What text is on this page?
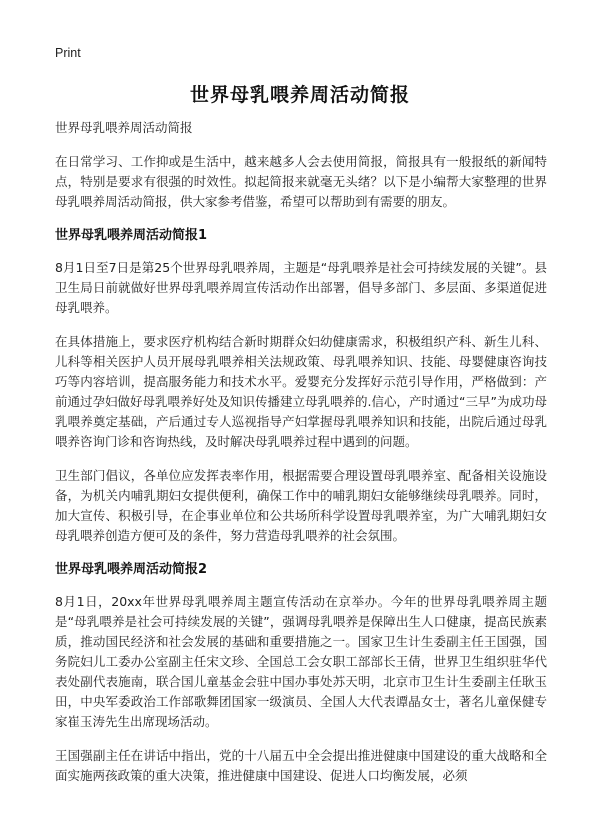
Print
世界母乳喂养周活动简报

世界母乳喂养周活动简报

在日常学习、工作抑或是生活中，越来越多人会去使用简报，简报具有一般报纸的新闻特点，特别是要求有很强的时效性。拟起简报来就毫无头绪？以下是小编帮大家整理的世界母乳喂养周活动简报，供大家参考借鉴，希望可以帮助到有需要的朋友。

世界母乳喂养周活动简报1

8月1日至7日是第25个世界母乳喂养周，主题是“母乳喂养是社会可持续发展的关键”。县卫生局日前就做好世界母乳喂养周宣传活动作出部署，倡导多部门、多层面、多渠道促进母乳喂养。

在具体措施上，要求医疗机构结合新时期群众妇幼健康需求，积极组织产科、新生儿科、儿科等相关医护人员开展母乳喂养相关法规政策、母乳喂养知识、技能、母婴健康咨询技巧等内容培训，提高服务能力和技术水平。爱婴充分发挥好示范引导作用，严格做到：产前通过孕妇做好母乳喂养好处及知识传播建立母乳喂养的.信心，产时通过“三早”为成功母乳喂养奠定基础，产后通过专人巡视指导产妇掌握母乳喂养知识和技能，出院后通过母乳喂养咨询门诊和咨询热线，及时解决母乳喂养过程中遇到的问题。

卫生部门倡议，各单位应发挥表率作用，根据需要合理设置母乳喂养室、配备相关设施设备，为机关内哺乳期妇女提供便利，确保工作中的哺乳期妇女能够继续母乳喂养。同时，加大宣传、积极引导，在企事业单位和公共场所科学设置母乳喂养室，为广大哺乳期妇女母乳喂养创造方便可及的条件，努力营造母乳喂养的社会氛围。

世界母乳喂养周活动简报2

8月1日，20xx年世界母乳喂养周主题宣传活动在京举办。今年的世界母乳喂养周主题是“母乳喂养是社会可持续发展的关键”，强调母乳喂养是保障出生人口健康，提高民族素质，推动国民经济和社会发展的基础和重要措施之一。国家卫生计生委副主任王国强，国务院妇儿工委办公室副主任宋文珍、全国总工会女职工部部长王倩，世界卫生组织驻华代表处副代表施南，联合国儿童基金会驻中国办事处苏天明，北京市卫生计生委副主任耿玉田，中央军委政治工作部歌舞团国家一级演员、全国人大代表谭晶女士，著名儿童保健专家崔玉涛先生出席现场活动。

王国强副主任在讲话中指出，党的十八届五中全会提出推进健康中国建设的重大战略和全面实施两孩政策的重大决策，推进健康中国建设、促进人口均衡发展，必须
